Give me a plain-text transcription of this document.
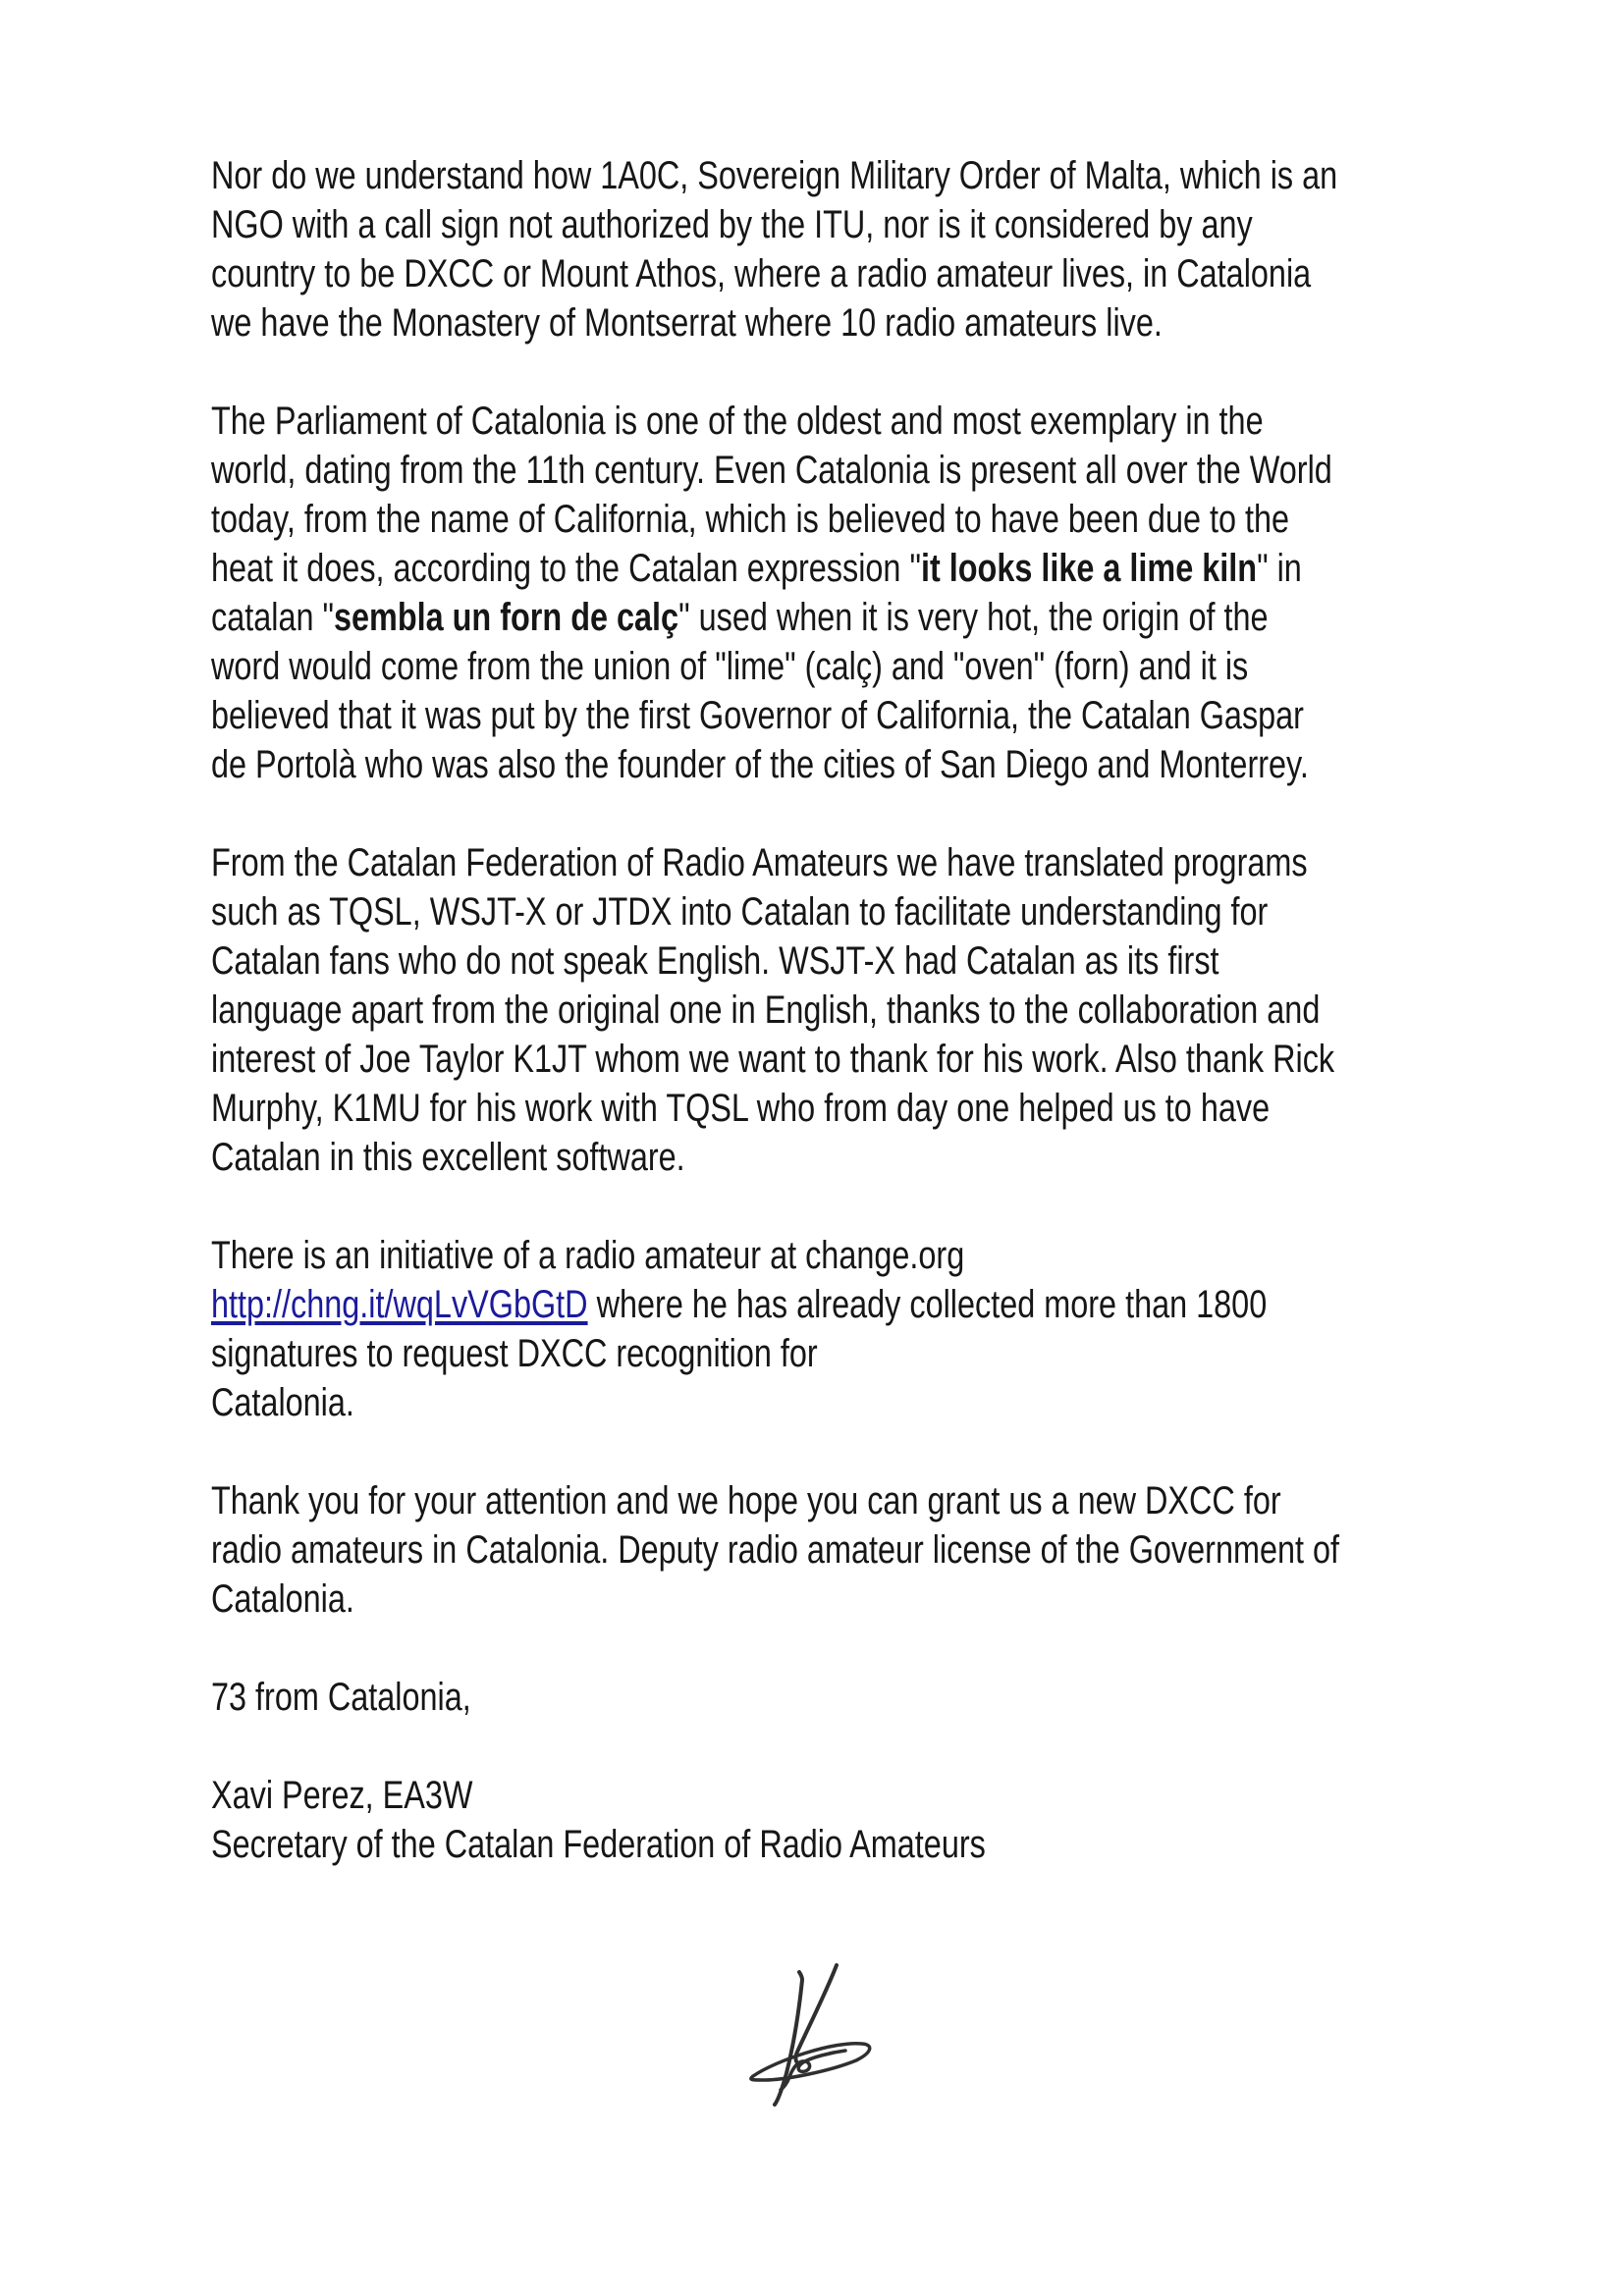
Nor do we understand how 1A0C, Sovereign Military Order of Malta, which is an
NGO with a call sign not authorized by the ITU, nor is it considered by any
country to be DXCC or Mount Athos, where a radio amateur lives, in Catalonia
we have the Monastery of Montserrat where 10 radio amateurs live.

The Parliament of Catalonia is one of the oldest and most exemplary in the
world, dating from the 11th century. Even Catalonia is present all over the World
today, from the name of California, which is believed to have been due to the
heat it does, according to the Catalan expression "it looks like a lime kiln" in
catalan "sembla un forn de calç" used when it is very hot, the origin of the
word would come from the union of "lime" (calç) and "oven" (forn) and it is
believed that it was put by the first Governor of California, the Catalan Gaspar
de Portolà who was also the founder of the cities of San Diego and Monterrey.

From the Catalan Federation of Radio Amateurs we have translated programs
such as TQSL, WSJT-X or JTDX into Catalan to facilitate understanding for
Catalan fans who do not speak English. WSJT-X had Catalan as its first
language apart from the original one in English, thanks to the collaboration and
interest of Joe Taylor K1JT whom we want to thank for his work. Also thank Rick
Murphy, K1MU for his work with TQSL who from day one helped us to have
Catalan in this excellent software.

There is an initiative of a radio amateur at change.org
http://chng.it/wqLvVGbGtD where he has already collected more than 1800
signatures to request DXCC recognition for
Catalonia.

Thank you for your attention and we hope you can grant us a new DXCC for
radio amateurs in Catalonia. Deputy radio amateur license of the Government of
Catalonia.

73 from Catalonia,

Xavi Perez, EA3W
Secretary of the Catalan Federation of Radio Amateurs
